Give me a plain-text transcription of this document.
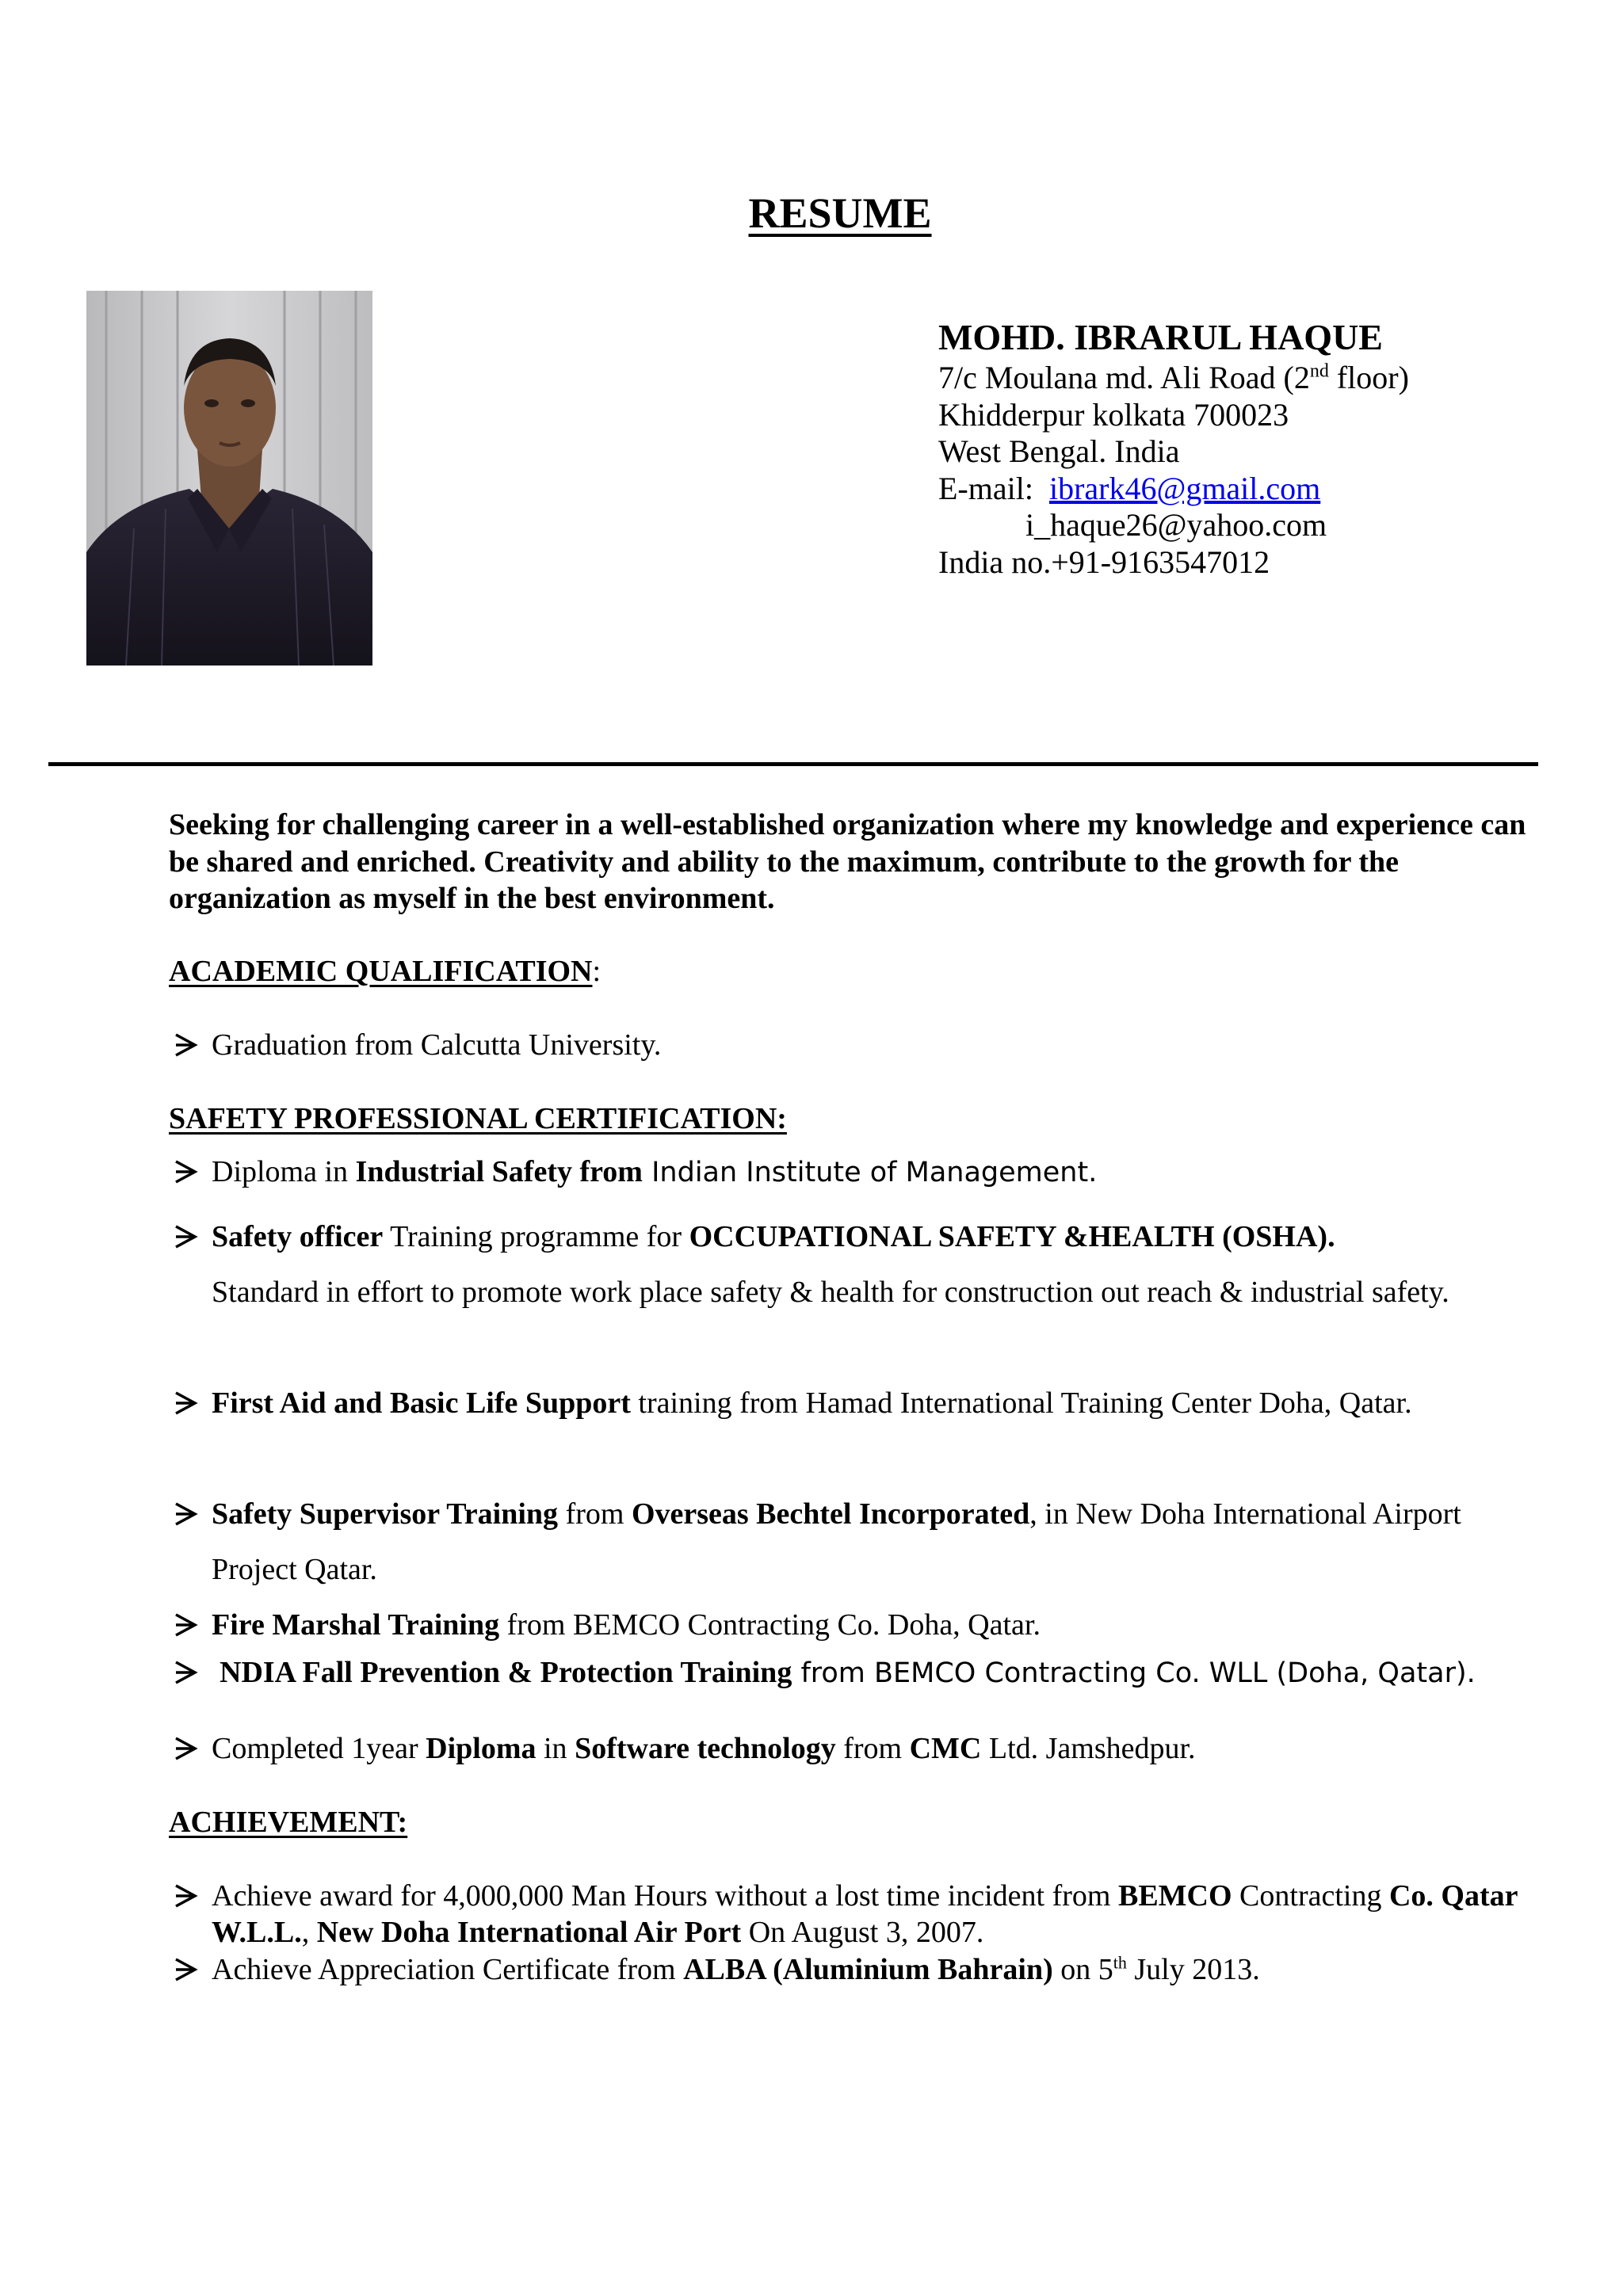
RESUME
MOHD. IBRARUL HAQUE
7/c Moulana md. Ali Road (2nd floor)
Khidderpur kolkata 700023
West Bengal. India
E-mail: ibrark46@gmail.com
i_haque26@yahoo.com
India no.+91-9163547012
Seeking for challenging career in a well-established organization where my knowledge and experience can be shared and enriched. Creativity and ability to the maximum, contribute to the growth for the organization as myself in the best environment.
ACADEMIC QUALIFICATION:
Graduation from Calcutta University.
SAFETY PROFESSIONAL CERTIFICATION:
Diploma in Industrial Safety from Indian Institute of Management.
Safety officer Training programme for OCCUPATIONAL SAFETY &HEALTH (OSHA).
Standard in effort to promote work place safety & health for construction out reach & industrial safety.
First Aid and Basic Life Support training from Hamad International Training Center Doha, Qatar.
Safety Supervisor Training from Overseas Bechtel Incorporated, in New Doha International Airport Project Qatar.
Fire Marshal Training from BEMCO Contracting Co. Doha, Qatar.
NDIA Fall Prevention & Protection Training from BEMCO Contracting Co. WLL (Doha, Qatar).
Completed 1year Diploma in Software technology from CMC Ltd. Jamshedpur.
ACHIEVEMENT:
Achieve award for 4,000,000 Man Hours without a lost time incident from BEMCO Contracting Co. Qatar W.L.L., New Doha International Air Port On August 3, 2007.
Achieve Appreciation Certificate from ALBA (Aluminium Bahrain) on 5th July 2013.
